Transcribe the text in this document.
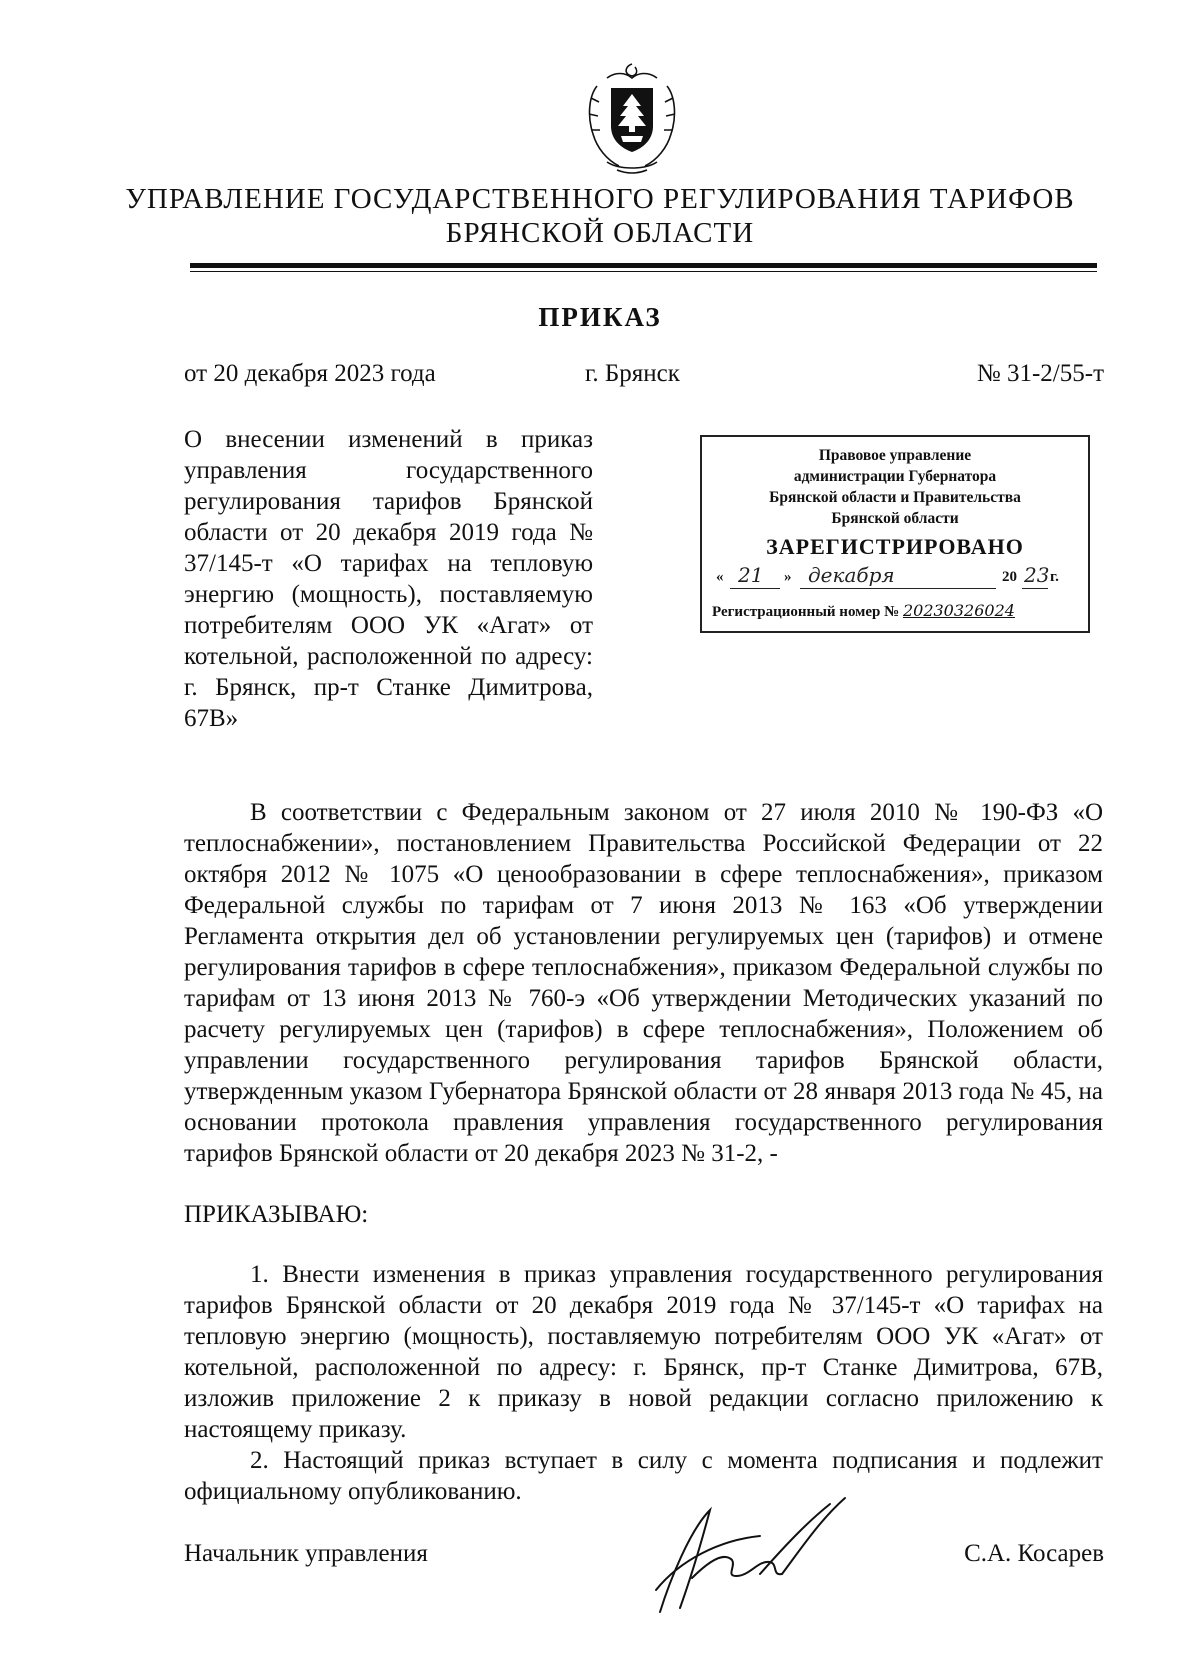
УПРАВЛЕНИЕ ГОСУДАРСТВЕННОГО РЕГУЛИРОВАНИЯ ТАРИФОВ
БРЯНСКОЙ ОБЛАСТИ
ПРИКАЗ
от 20 декабря 2023 года	г. Брянск	№ 31-2/55-т
О внесении изменений в приказ управления государственного регулирования тарифов Брянской области от 20 декабря 2019 года № 37/145-т «О тарифах на тепловую энергию (мощность), поставляемую потребителям ООО УК «Агат» от котельной, расположенной по адресу: г. Брянск, пр-т Станке Димитрова, 67В»
Правовое управление
администрации Губернатора
Брянской области и Правительства
Брянской области
ЗАРЕГИСТРИРОВАНО
« 21 » декабря	20 23 г.
Регистрационный номер № 20230326024
В соответствии с Федеральным законом от 27 июля 2010 № 190-ФЗ «О теплоснабжении», постановлением Правительства Российской Федерации от 22 октября 2012 № 1075 «О ценообразовании в сфере теплоснабжения», приказом Федеральной службы по тарифам от 7 июня 2013 № 163 «Об утверждении Регламента открытия дел об установлении регулируемых цен (тарифов) и отмене регулирования тарифов в сфере теплоснабжения», приказом Федеральной службы по тарифам от 13 июня 2013 № 760-э «Об утверждении Методических указаний по расчету регулируемых цен (тарифов) в сфере теплоснабжения», Положением об управлении государственного регулирования тарифов Брянской области, утвержденным указом Губернатора Брянской области от 28 января 2013 года № 45, на основании протокола правления управления государственного регулирования тарифов Брянской области от 20 декабря 2023 № 31-2, -
ПРИКАЗЫВАЮ:
1. Внести изменения в приказ управления государственного регулирования тарифов Брянской области от 20 декабря 2019 года № 37/145-т «О тарифах на тепловую энергию (мощность), поставляемую потребителям ООО УК «Агат» от котельной, расположенной по адресу: г. Брянск, пр-т Станке Димитрова, 67В, изложив приложение 2 к приказу в новой редакции согласно приложению к настоящему приказу.
2. Настоящий приказ вступает в силу с момента подписания и подлежит официальному опубликованию.
Начальник управления	С.А. Косарев
